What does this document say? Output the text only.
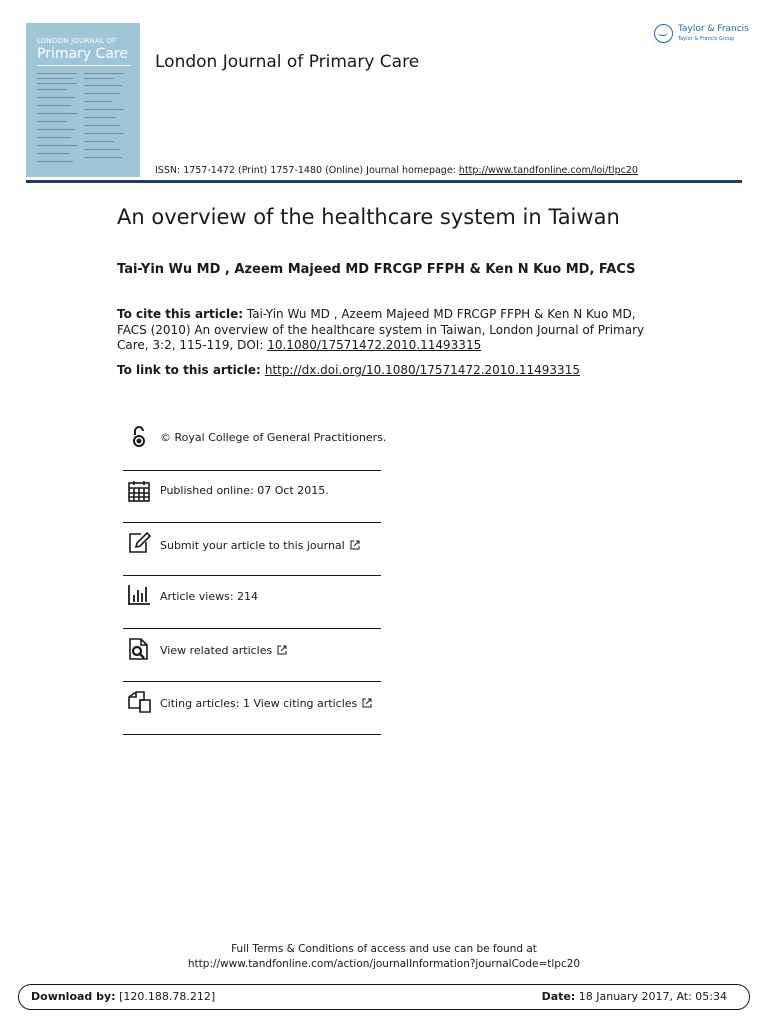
LONDON JOURNAL OF
Primary Care London Journal of Primary Care
Taylor & Francis
Taylor & Francis Group
ISSN: 1757-1472 (Print) 1757-1480 (Online) Journal homepage: http://www.tandfonline.com/loi/tlpc20
An overview of the healthcare system in Taiwan
Tai-Yin Wu MD , Azeem Majeed MD FRCGP FFPH & Ken N Kuo MD, FACS
To cite this article: Tai-Yin Wu MD , Azeem Majeed MD FRCGP FFPH & Ken N Kuo MD, FACS (2010) An overview of the healthcare system in Taiwan, London Journal of Primary Care, 3:2, 115-119, DOI: 10.1080/17571472.2010.11493315
To link to this article: http://dx.doi.org/10.1080/17571472.2010.11493315
© Royal College of General Practitioners.
Published online: 07 Oct 2015.
Submit your article to this journal
Article views: 214
View related articles
Citing articles: 1 View citing articles
Full Terms & Conditions of access and use can be found at
http://www.tandfonline.com/action/journalInformation?journalCode=tlpc20
Download by: [120.188.78.212]	Date: 18 January 2017, At: 05:34
